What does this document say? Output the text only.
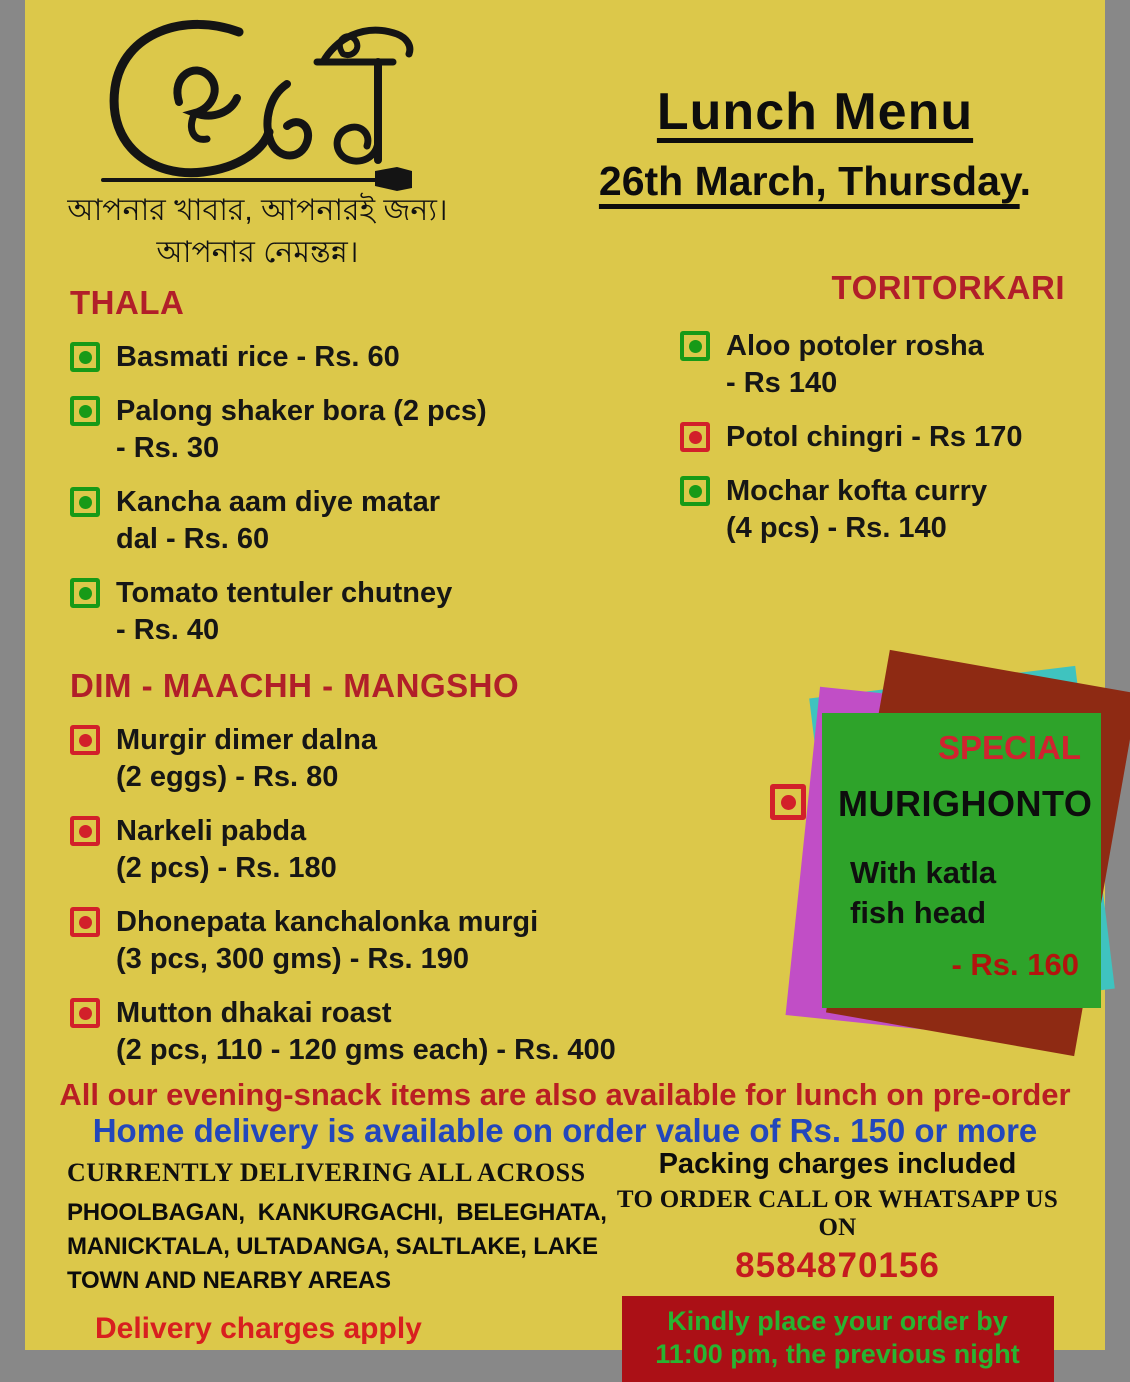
আপনার খাবার, আপনারই জন্য।
আপনার নেমন্তন্ন।
Lunch Menu
26th March, Thursday.
THALA
Basmati rice - Rs. 60
Palong shaker bora (2 pcs)
- Rs. 30
Kancha aam diye matar
dal - Rs. 60
Tomato tentuler chutney
- Rs. 40
DIM - MAACHH - MANGSHO
Murgir dimer dalna
(2 eggs) - Rs. 80
Narkeli pabda
(2 pcs) - Rs. 180
Dhonepata kanchalonka murgi
(3 pcs, 300 gms) - Rs. 190
Mutton dhakai roast
(2 pcs, 110 - 120 gms each) - Rs. 400
TORITORKARI
Aloo potoler rosha
- Rs 140
Potol chingri - Rs 170
Mochar kofta curry
(4 pcs) - Rs. 140
SPECIAL
MURIGHONTO
With katla
fish head
- Rs. 160
All our evening-snack items are also available for lunch on pre-order
Home delivery is available on order value of Rs. 150 or more
CURRENTLY DELIVERING ALL ACROSS
PHOOLBAGAN,  KANKURGACHI,  BELEGHATA,
MANICKTALA, ULTADANGA, SALTLAKE, LAKE
TOWN AND NEARBY AREAS
Delivery charges apply
Packing charges included
TO ORDER CALL OR WHATSAPP US ON
8584870156
Kindly place your order by
11:00 pm, the previous night
